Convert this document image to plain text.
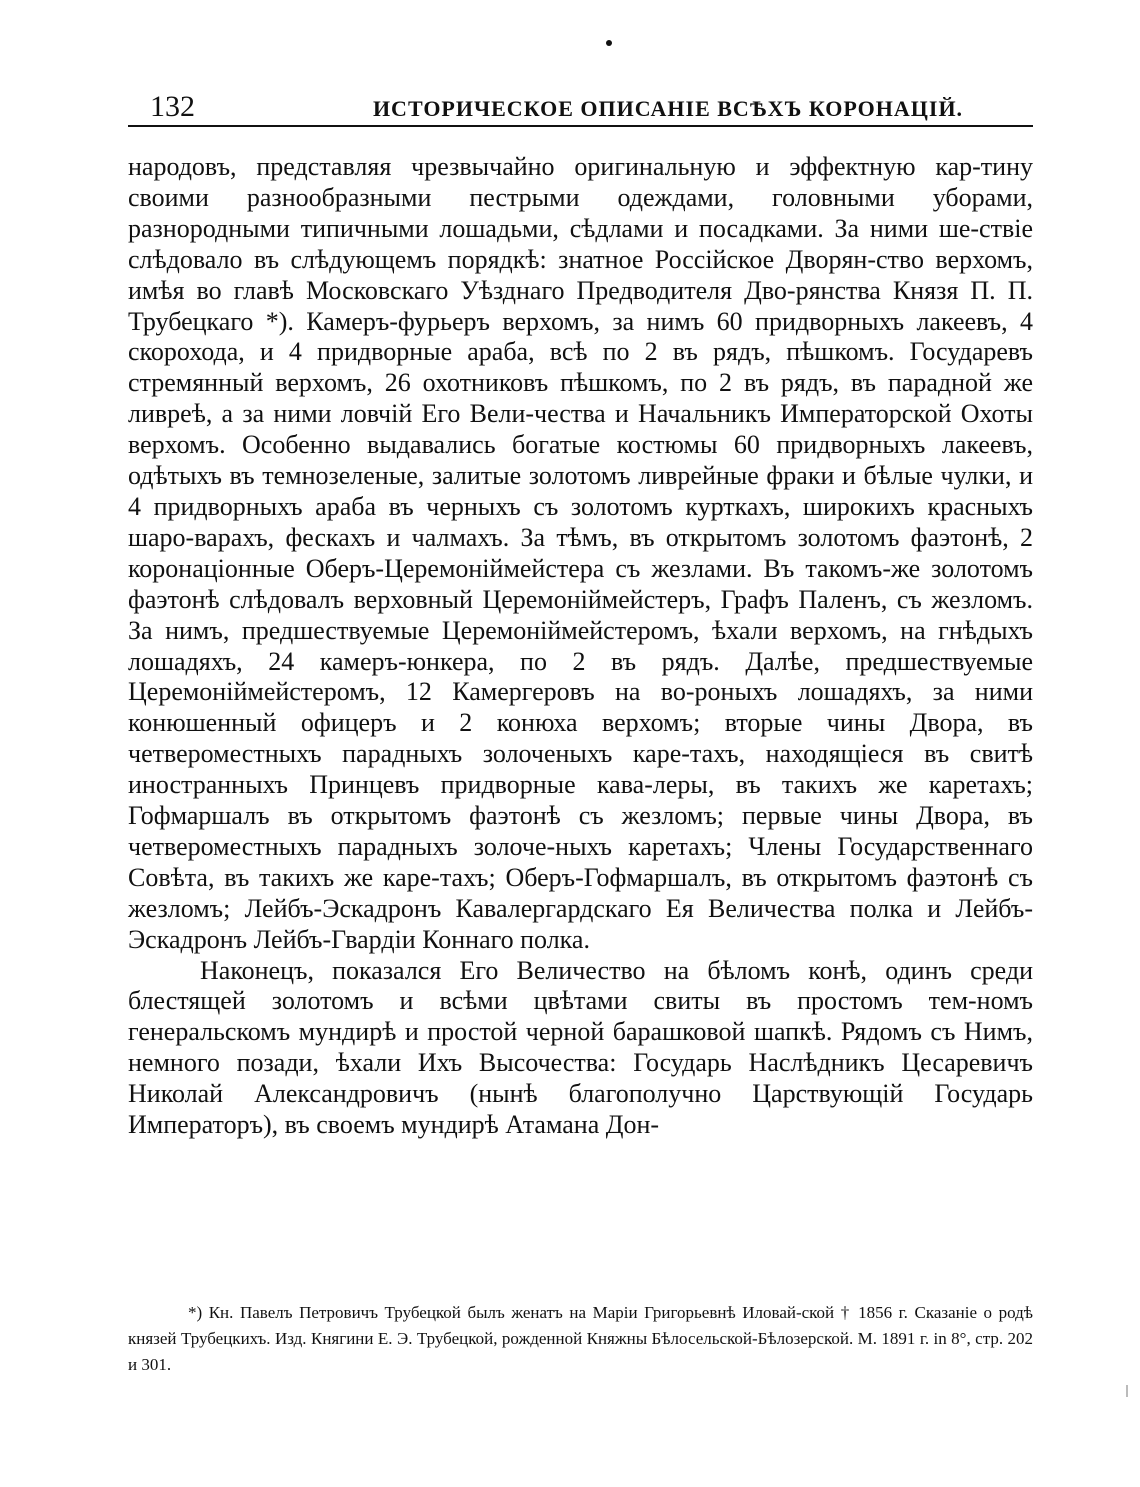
132	ИСТОРИЧЕСКОЕ ОПИСАНІЕ ВСѢХЪ КОРОНАЦІЙ.

народовъ, представляя чрезвычайно оригинальную и эффектную кар-тину своими разнообразными пестрыми одеждами, головными уборами, разнородными типичными лошадьми, сѣдлами и посадками. За ними ше-ствіе слѣдовало въ слѣдующемъ порядкѣ: знатное Россійское Дворян-ство верхомъ, имѣя во главѣ Московскаго Уѣзднаго Предводителя Дво-рянства Князя П. П. Трубецкаго *). Камеръ-фурьеръ верхомъ, за нимъ 60 придворныхъ лакеевъ, 4 скорохода, и 4 придворные араба, всѣ по 2 въ рядъ, пѣшкомъ. Государевъ стремянный верхомъ, 26 охотниковъ пѣшкомъ, по 2 въ рядъ, въ парадной же ливреѣ, а за ними ловчій Его Вели-чества и Начальникъ Императорской Охоты верхомъ. Особенно выдавались богатые костюмы 60 придворныхъ лакеевъ, одѣтыхъ въ темнозеленые, залитые золотомъ ливрейные фраки и бѣлые чулки, и 4 придворныхъ араба въ черныхъ съ золотомъ курткахъ, широкихъ красныхъ шаро-варахъ, фескахъ и чалмахъ. За тѣмъ, въ открытомъ золотомъ фаэтонѣ, 2 коронаціонные Оберъ-Церемоніймейстера съ жезлами. Въ такомъ-же золотомъ фаэтонѣ слѣдовалъ верховный Церемоніймейстеръ, Графъ Паленъ, съ жезломъ. За нимъ, предшествуемые Церемоніймейстеромъ, ѣхали верхомъ, на гнѣдыхъ лошадяхъ, 24 камеръ-юнкера, по 2 въ рядъ. Далѣе, предшествуемые Церемоніймейстеромъ, 12 Камергеровъ на во-роныхъ лошадяхъ, за ними конюшенный офицеръ и 2 конюха верхомъ; вторые чины Двора, въ четвероместныхъ парадныхъ золоченыхъ каре-тахъ, находящіеся въ свитѣ иностранныхъ Принцевъ придворные кава-леры, въ такихъ же каретахъ; Гофмаршалъ въ открытомъ фаэтонѣ съ жезломъ; первые чины Двора, въ четвероместныхъ парадныхъ золоче-ныхъ каретахъ; Члены Государственнаго Совѣта, въ такихъ же каре-тахъ; Оберъ-Гофмаршалъ, въ открытомъ фаэтонѣ съ жезломъ; Лейбъ-Эскадронъ Кавалергардскаго Ея Величества полка и Лейбъ-Эскадронъ Лейбъ-Гвардіи Коннаго полка.

Наконецъ, показался Его Величество на бѣломъ конѣ, одинъ среди блестящей золотомъ и всѣми цвѣтами свиты въ простомъ тем-номъ генеральскомъ мундирѣ и простой черной барашковой шапкѣ. Рядомъ съ Нимъ, немного позади, ѣхали Ихъ Высочества: Государь Наслѣдникъ Цесаревичъ Николай Александровичъ (нынѣ благополучно Царствующій Государь Императоръ), въ своемъ мундирѣ Атамана Дон-

*) Кн. Павелъ Петровичъ Трубецкой былъ женатъ на Маріи Григорьевнѣ Иловай-ской † 1856 г. Сказаніе о родѣ князей Трубецкихъ. Изд. Княгини Е. Э. Трубецкой, рожденной Княжны Бѣлосельской-Бѣлозерской. М. 1891 г. in 8°, стр. 202 и 301.
